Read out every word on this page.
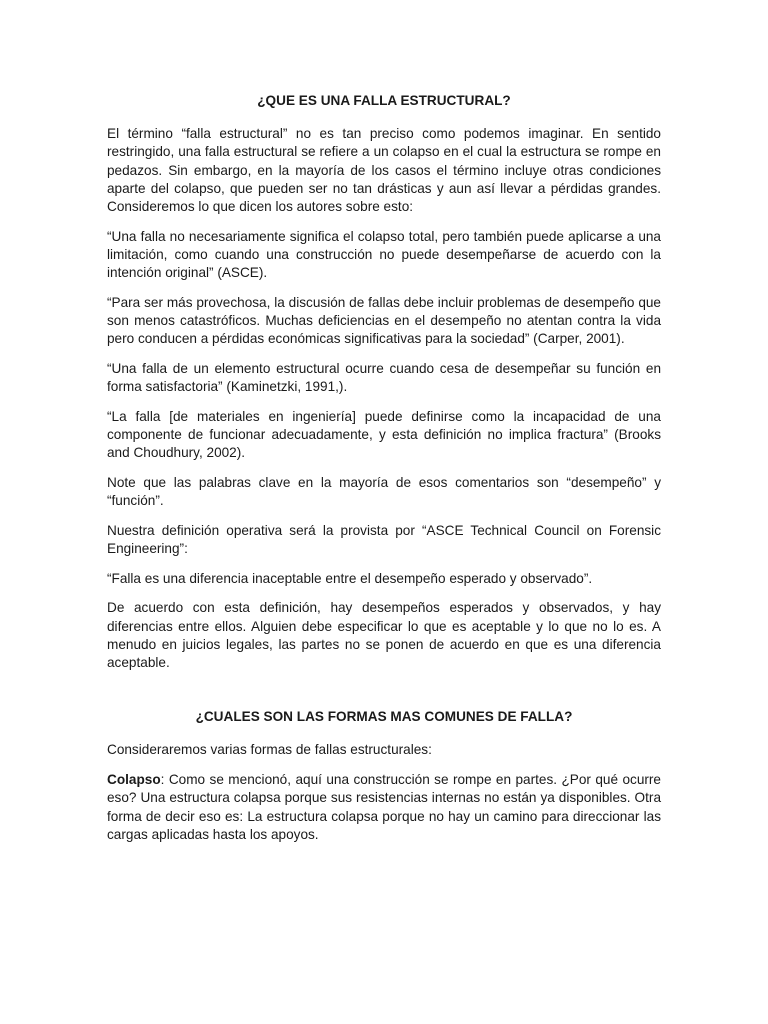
¿QUE ES UNA FALLA ESTRUCTURAL?

El término “falla estructural” no es tan preciso como podemos imaginar. En sentido restringido, una falla estructural se refiere a un colapso en el cual la estructura se rompe en pedazos. Sin embargo, en la mayoría de los casos el término incluye otras condiciones aparte del colapso, que pueden ser no tan drásticas y aun así llevar a pérdidas grandes. Consideremos lo que dicen los autores sobre esto:

“Una falla no necesariamente significa el colapso total, pero también puede aplicarse a una limitación, como cuando una construcción no puede desempeñarse de acuerdo con la intención original” (ASCE).

“Para ser más provechosa, la discusión de fallas debe incluir problemas de desempeño que son menos catastróficos. Muchas deficiencias en el desempeño no atentan contra la vida pero conducen a pérdidas económicas significativas para la sociedad” (Carper, 2001).

“Una falla de un elemento estructural ocurre cuando cesa de desempeñar su función en forma satisfactoria” (Kaminetzki, 1991,).

“La falla [de materiales en ingeniería] puede definirse como la incapacidad de una componente de funcionar adecuadamente, y esta definición no implica fractura” (Brooks and Choudhury, 2002).

Note que las palabras clave en la mayoría de esos comentarios son “desempeño” y “función”.

Nuestra definición operativa será la provista por “ASCE Technical Council on Forensic Engineering”:

“Falla es una diferencia inaceptable entre el desempeño esperado y observado”.

De acuerdo con esta definición, hay desempeños esperados y observados, y hay diferencias entre ellos. Alguien debe especificar lo que es aceptable y lo que no lo es. A menudo en juicios legales, las partes no se ponen de acuerdo en que es una diferencia aceptable.

¿CUALES SON LAS FORMAS MAS COMUNES DE FALLA?

Consideraremos varias formas de fallas estructurales:

Colapso: Como se mencionó, aquí una construcción se rompe en partes. ¿Por qué ocurre eso? Una estructura colapsa porque sus resistencias internas no están ya disponibles. Otra forma de decir eso es: La estructura colapsa porque no hay un camino para direccionar las cargas aplicadas hasta los apoyos.
